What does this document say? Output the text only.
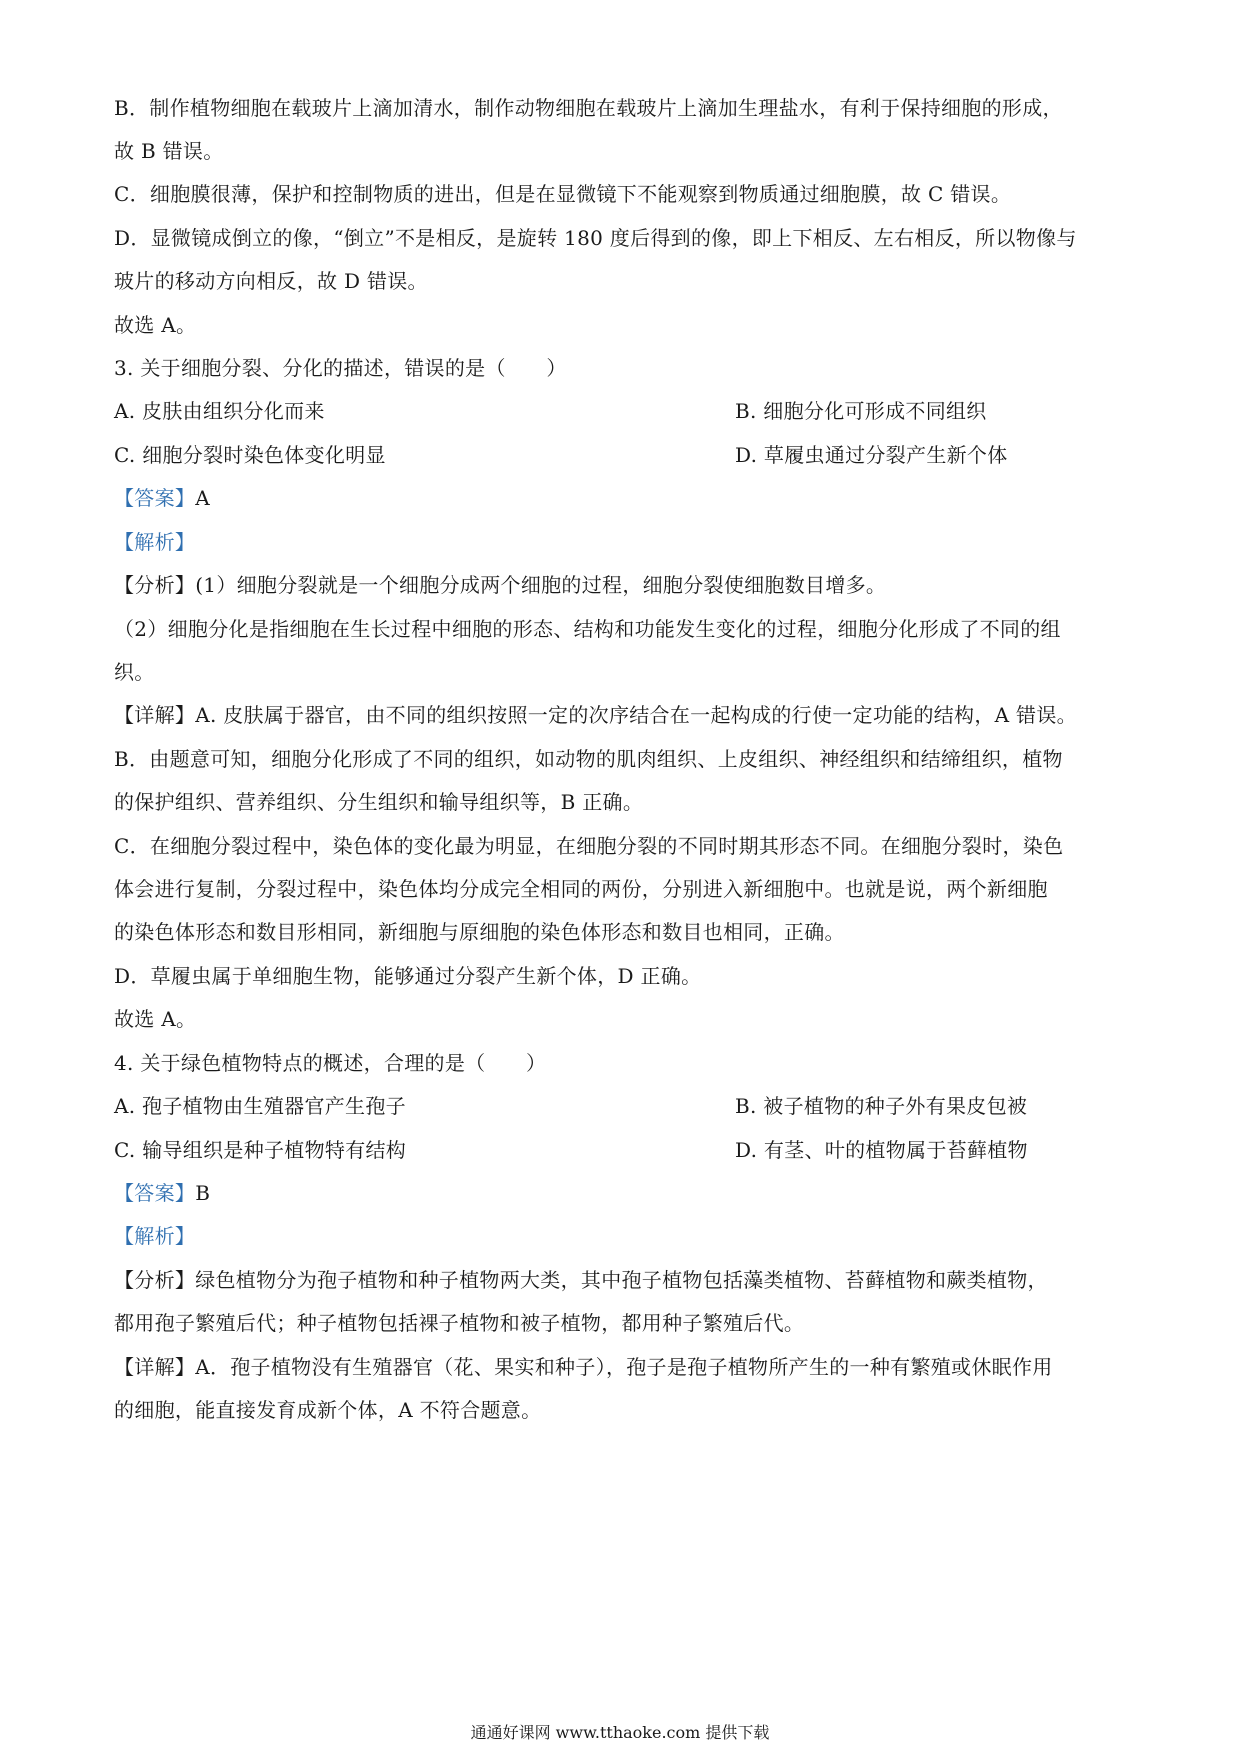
B．制作植物细胞在载玻片上滴加清水，制作动物细胞在载玻片上滴加生理盐水，有利于保持细胞的形成，
故 B 错误。
C．细胞膜很薄，保护和控制物质的进出，但是在显微镜下不能观察到物质通过细胞膜，故 C 错误。
D．显微镜成倒立的像，“倒立”不是相反，是旋转 180 度后得到的像，即上下相反、左右相反，所以物像与
玻片的移动方向相反，故 D 错误。
故选 A。
3. 关于细胞分裂、分化的描述，错误的是（　　）
A. 皮肤由组织分化而来	B. 细胞分化可形成不同组织
C. 细胞分裂时染色体变化明显	D. 草履虫通过分裂产生新个体
【答案】A
【解析】
【分析】(1）细胞分裂就是一个细胞分成两个细胞的过程，细胞分裂使细胞数目增多。
（2）细胞分化是指细胞在生长过程中细胞的形态、结构和功能发生变化的过程，细胞分化形成了不同的组
织。
【详解】A. 皮肤属于器官，由不同的组织按照一定的次序结合在一起构成的行使一定功能的结构，A 错误。
B．由题意可知，细胞分化形成了不同的组织，如动物的肌肉组织、上皮组织、神经组织和结缔组织，植物
的保护组织、营养组织、分生组织和输导组织等，B 正确。
C．在细胞分裂过程中，染色体的变化最为明显，在细胞分裂的不同时期其形态不同。在细胞分裂时，染色
体会进行复制，分裂过程中，染色体均分成完全相同的两份，分别进入新细胞中。也就是说，两个新细胞
的染色体形态和数目形相同，新细胞与原细胞的染色体形态和数目也相同，正确。
D．草履虫属于单细胞生物，能够通过分裂产生新个体，D 正确。
故选 A。
4. 关于绿色植物特点的概述，合理的是（　　）
A. 孢子植物由生殖器官产生孢子	B. 被子植物的种子外有果皮包被
C. 输导组织是种子植物特有结构	D. 有茎、叶的植物属于苔藓植物
【答案】B
【解析】
【分析】绿色植物分为孢子植物和种子植物两大类，其中孢子植物包括藻类植物、苔藓植物和蕨类植物，
都用孢子繁殖后代；种子植物包括裸子植物和被子植物，都用种子繁殖后代。
【详解】A．孢子植物没有生殖器官（花、果实和种子），孢子是孢子植物所产生的一种有繁殖或休眠作用
的细胞，能直接发育成新个体，A 不符合题意。
通通好课网 www.tthaoke.com 提供下载
